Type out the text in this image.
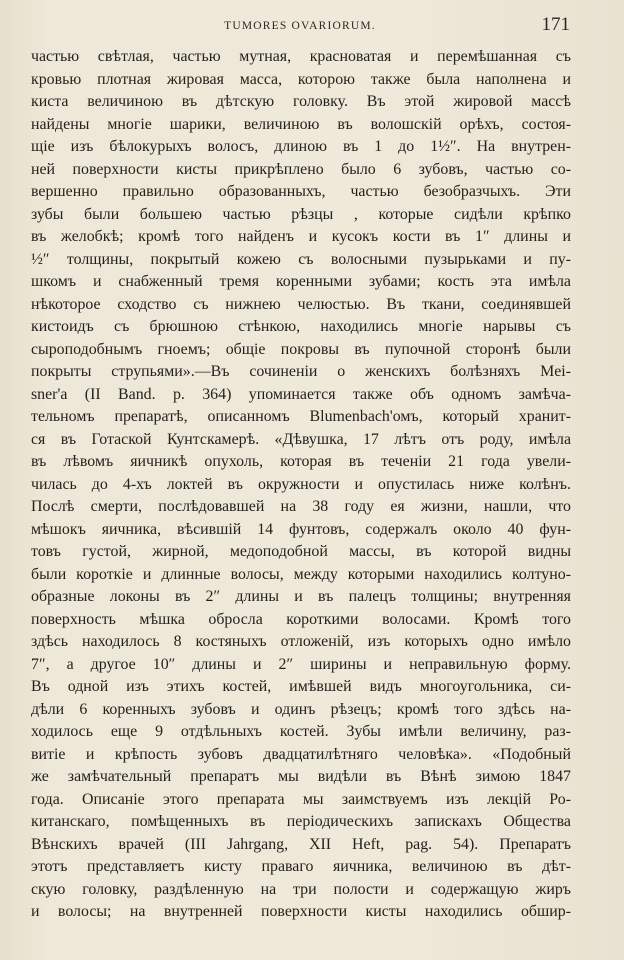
TUMORES OVARIORUM.	171
частью свѣтлая, частью мутная, красноватая и перемѣшанная съ
кровью плотная жировая масса, которою также была наполнена и
киста величиною въ дѣтскую головку. Въ этой жировой массѣ
найдены многіе шарики, величиною въ волошскій орѣхъ, состоя-
щіе изъ бѣлокурыхъ волосъ, длиною въ 1 до 1½″. На внутрен-
ней поверхности кисты прикрѣплено было 6 зубовъ, частью со-
вершенно правильно образованныхъ, частью безобразчыхъ. Эти
зубы были большею частью рѣзцы , которые сидѣли крѣпко
въ желобкѣ; кромѣ того найденъ и кусокъ кости въ 1″ длины и
½″ толщины, покрытый кожею съ волосными пузырьками и пу-
шкомъ и снабженный тремя коренными зубами; кость эта имѣла
нѣкоторое сходство съ нижнею челюстью. Въ ткани, соединявшей
кистоидъ съ брюшною стѣнкою, находились многіе нарывы съ
сыроподобнымъ гноемъ; общіе покровы въ пупочной сторонѣ были
покрыты струпьями».—Въ сочиненіи о женскихъ болѣзняхъ Mei-
sner'а (II Band. p. 364) упоминается также объ одномъ замѣча-
тельномъ препаратѣ, описанномъ Blumenbach'омъ, который хранит-
ся въ Готаской Кунтскамерѣ. «Дѣвушка, 17 лѣтъ отъ роду, имѣла
въ лѣвомъ яичникѣ опухоль, которая въ теченіи 21 года увели-
чилась до 4-хъ локтей въ окружности и опустилась ниже колѣнъ.
Послѣ смерти, послѣдовавшей на 38 году ея жизни, нашли, что
мѣшокъ яичника, вѣсившій 14 фунтовъ, содержалъ около 40 фун-
товъ густой, жирной, медоподобной массы, въ которой видны
были короткіе и длинные волосы, между которыми находились колтуно-
образные локоны въ 2″ длины и въ палецъ толщины; внутренняя
поверхность мѣшка обросла короткими волосами. Кромѣ того
здѣсь находилось 8 костяныхъ отложеній, изъ которыхъ одно имѣло
7″, а другое 10″ длины и 2″ ширины и неправильную форму.
Въ одной изъ этихъ костей, имѣвшей видъ многоугольника, си-
дѣли 6 коренныхъ зубовъ и одинъ рѣзецъ; кромѣ того здѣсь на-
ходилось еще 9 отдѣльныхъ костей. Зубы имѣли величину, раз-
витіе и крѣпость зубовъ двадцатилѣтняго человѣка». «Подобный
же замѣчательный препаратъ мы видѣли въ Вѣнѣ зимою 1847
года. Описаніе этого препарата мы заимствуемъ изъ лекцій Ро-
китанскаго, помѣщенныхъ въ періодическихъ запискахъ Общества
Вѣнскихъ врачей (III Jahrgang, XII Heft, pag. 54). Препаратъ
этотъ представляетъ кисту праваго яичника, величиною въ дѣт-
скую головку, раздѣленную на три полости и содержащую жиръ
и волосы; на внутренней поверхности кисты находились обшир-
